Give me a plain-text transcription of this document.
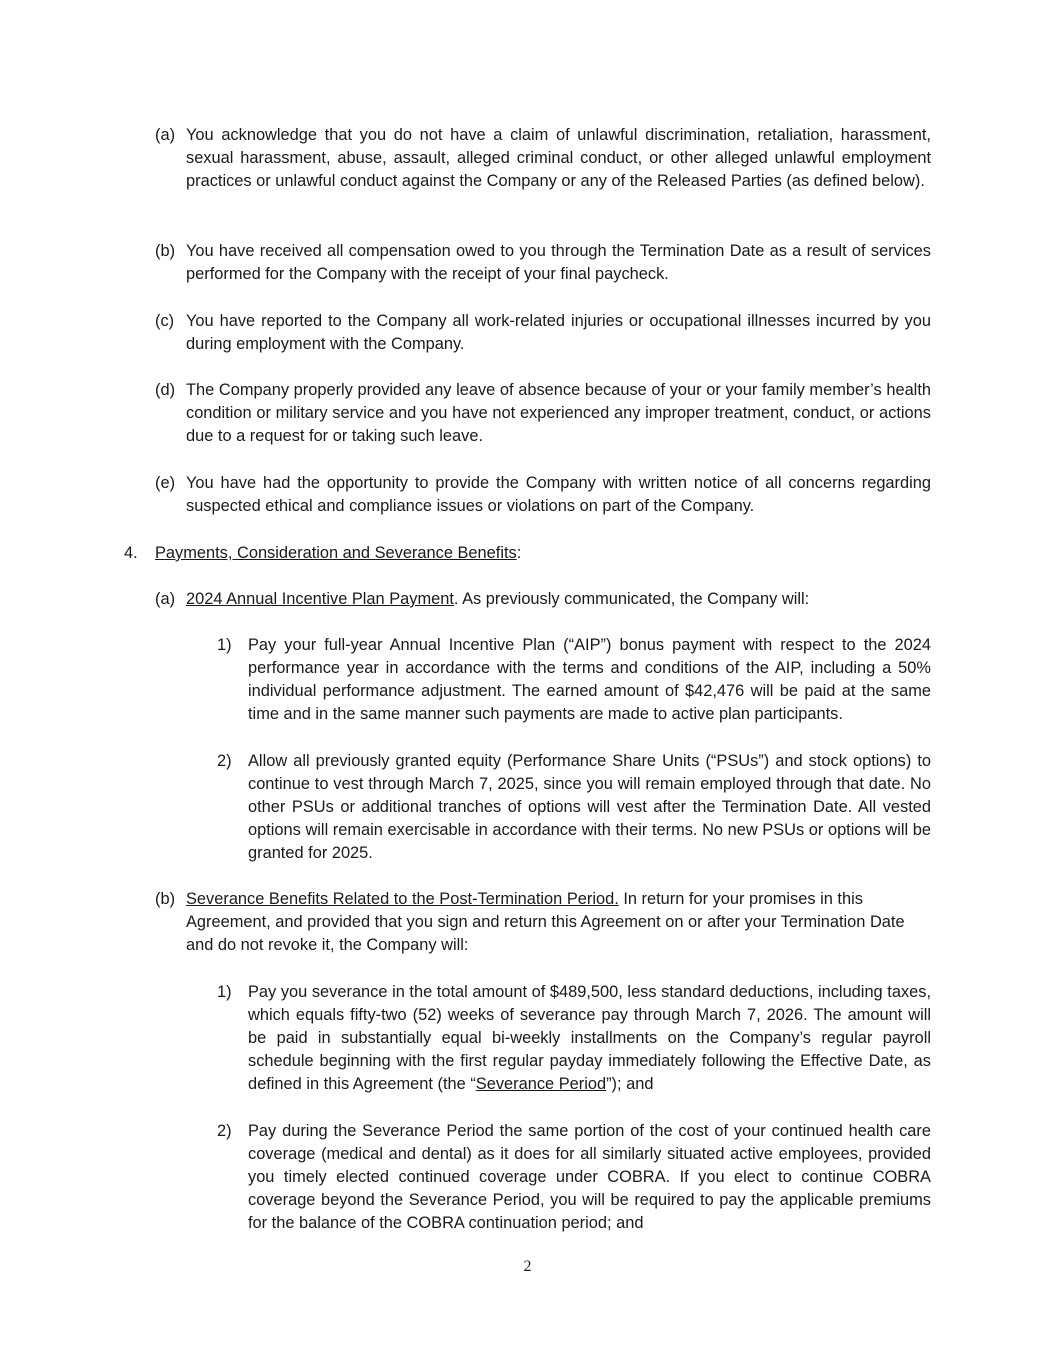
(a) You acknowledge that you do not have a claim of unlawful discrimination, retaliation, harassment, sexual harassment, abuse, assault, alleged criminal conduct, or other alleged unlawful employment practices or unlawful conduct against the Company or any of the Released Parties (as defined below).
(b) You have received all compensation owed to you through the Termination Date as a result of services performed for the Company with the receipt of your final paycheck.
(c) You have reported to the Company all work-related injuries or occupational illnesses incurred by you during employment with the Company.
(d) The Company properly provided any leave of absence because of your or your family member’s health condition or military service and you have not experienced any improper treatment, conduct, or actions due to a request for or taking such leave.
(e) You have had the opportunity to provide the Company with written notice of all concerns regarding suspected ethical and compliance issues or violations on part of the Company.
4. Payments, Consideration and Severance Benefits:
(a) 2024 Annual Incentive Plan Payment. As previously communicated, the Company will:
1) Pay your full-year Annual Incentive Plan (“AIP”) bonus payment with respect to the 2024 performance year in accordance with the terms and conditions of the AIP, including a 50% individual performance adjustment. The earned amount of $42,476 will be paid at the same time and in the same manner such payments are made to active plan participants.
2) Allow all previously granted equity (Performance Share Units (“PSUs”) and stock options) to continue to vest through March 7, 2025, since you will remain employed through that date. No other PSUs or additional tranches of options will vest after the Termination Date. All vested options will remain exercisable in accordance with their terms. No new PSUs or options will be granted for 2025.
(b) Severance Benefits Related to the Post-Termination Period. In return for your promises in this Agreement, and provided that you sign and return this Agreement on or after your Termination Date and do not revoke it, the Company will:
1) Pay you severance in the total amount of $489,500, less standard deductions, including taxes, which equals fifty-two (52) weeks of severance pay through March 7, 2026. The amount will be paid in substantially equal bi-weekly installments on the Company’s regular payroll schedule beginning with the first regular payday immediately following the Effective Date, as defined in this Agreement (the “Severance Period”); and
2) Pay during the Severance Period the same portion of the cost of your continued health care coverage (medical and dental) as it does for all similarly situated active employees, provided you timely elected continued coverage under COBRA. If you elect to continue COBRA coverage beyond the Severance Period, you will be required to pay the applicable premiums for the balance of the COBRA continuation period; and
2
